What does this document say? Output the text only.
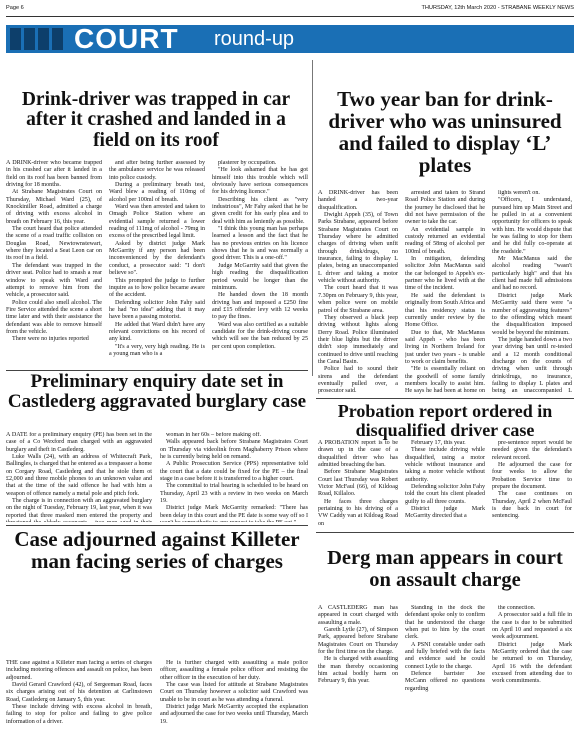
Page 6	THURSDAY, 12th March 2020 - STRABANE WEEKLY NEWS
COURT round-up
Drink-driver was trapped in car after it crashed and landed in a field on its roof

A DRINK-driver who became trapped in his crashed car after it landed in a field on its roof has been banned from driving for 18 months.

At Strabane Magistrates Court on Thursday, Michael Ward (25), of Knockiniller Road, admitted a charge of driving with excess alcohol in breath on February 16, this year.

The court heard that police attended the scene of a road traffic collision on Douglas Road, Newtownstewart, where they located a Seat Leon car on its roof in a field.

The defendant was trapped in the driver seat. Police had to smash a rear window to speak with Ward and attempt to remove him from the vehicle, a prosecutor said.

Police could also smell alcohol. The Fire Service attended the scene a short time later and with their assistance the defendant was able to remove himself from the vehicle.

There were no injuries reported

and after being further assessed by the ambulance service he was released into police custody.

During a preliminary breath test, Ward blew a reading of 110mg of alcohol per 100ml of breath.

Ward was then arrested and taken to Omagh Police Station where an evidential sample returned a lower reading of 111mg of alcohol - 79mg in excess of the prescribed legal limit.

Asked by district judge Mark McGarrity if any person had been inconvenienced by the defendant's conduct, a prosecutor said: "I don't believe so".

This prompted the judge to further inquire as to how police became aware of the accident.

Defending solicitor John Fahy said he had "no idea" adding that it may have been a passing motorist.

He added that Ward didn't have any relevant convictions on his record of any kind.

"It's a very, very high reading. He is a young man who is a

plasterer by occupation.

"He look ashamed that he has got himself into this trouble which will obviously have serious consequences for his driving licence."

Describing his client as "very industrious", Mr Fahy asked that he be given credit for his early plea and to deal with him as leniently as possible.

"I think this young man has perhaps learned a lesson and the fact that he has no previous entries on his licence shows that he is and was normally a good driver. This is a one-off."

Judge McGarrity said that given the high reading the disqualification period would be longer than the minimum.

He handed down the 18 month driving ban and imposed a £250 fine and £15 offender levy with 12 weeks to pay the fines.

Ward was also certified as a suitable candidate for the drink-driving course which will see the ban reduced by 25 per cent upon completion.

Two year ban for drink-driver who was uninsured and failed to display ‘L’ plates

A DRINK-driver has been handed a two-year disqualification.

Dwight Appeh (35), of Town Parks Strabane, appeared before Strabane Magistrates Court on Thursday where he admitted charges of driving when unfit through drink/drugs, no insurance, failing to display L plates, being an unaccompanied L driver and taking a motor vehicle without authority.

The court heard that it was 7.30pm on February 9, this year, when police were on mobile patrol of the Strabane area.

They observed a black jeep driving without lights along Derry Road. Police illuminated their blue lights but the driver didn't stop immediately and continued to drive until reaching the Canal Basin.

Police had to sound their sirens and the defendant eventually pulled over, a prosecutor said.

arrested and taken to Strand Road Police Station and during the journey he disclosed that he did not have permission of the owner to take the car.

An evidential sample in custody returned an evidential reading of 58mg of alcohol per 100ml of breath.

In mitigation, defending solicitor John MacManus said the car belonged to Appeh's ex-partner who he lived with at the time of the incident.

He said the defendant is originally from South Africa and that his residency status is currently under review by the Home Office.

Due to that, Mr MacManus said Appeh - who has been living in Northern Ireland for just under two years - is unable to work or claim benefits.

"He is essentially reliant on the goodwill of some family members locally to assist him. He says he had been at home on

lights weren't on.

"Officers, I understand, pursued him up Main Street and he pulled in at a convenient opportunity for officers to speak with him. He would dispute that he was failing to stop for them and he did fully co-operate at the roadside."

Mr MacManus said the alcohol reading "wasn't particularly high" and that his client had made full admissions and had no record.

District judge Mark McGarrity said there were "a number of aggravating features" to the offending which meant the disqualification imposed would be beyond the minimum.

The judge handed down a two year driving ban until re-tested and a 12 month conditional discharge on the counts of driving when unfit through drink/drugs, no insurance, failing to display L plates and being an unaccompanied L

Preliminary enquiry date set in Castlederg aggravated burglary case

A DATE for a preliminary enquiry (PE) has been set in the case of a Co Wexford man charged with an aggravated burglary and theft in Castlederg.

Luke Walls (24), with an address of Whitecraft Park, Ballingles, is charged that he entered as a trespasser a home on Corgary Road, Castlederg and that he stole them ot £2,000 and three mobile phones to an unknown value and that at the time of the said offence he had with him a weapon of offence namely a metal pole and pitch fork.

The charge is in connection with an aggravated burglary on the night of Tuesday, February 19, last year, when it was reported that three masked men entered the property and

woman in her 60s – before making off.

Walls appeared back before Strabane Magistrates Court on Thursday via videolink from Maghaberry Prison where he is currently being held on remand.

A Public Prosecution Service (PPS) representative told the court that a date could be fixed for the PE – the final stage in a case before it is transferred to a higher court.

The committal to trial hearing is scheduled to be heard on Thursday, April 23 with a review in two weeks on March 19.

District judge Mark McGarrity remarked: "There has been delay in this court and the PE date is some way off so I

Probation report ordered in disqualified driver case

A PROBATION report is to be drawn up in the case of a disqualified driver who has admitted breaching the ban.

Before Strabane Magistrates Court last Thursday was Robert Victor McFaul (66), of Kildoag Road, Killaloo.

He faces three charges pertaining to his driving of a VW Caddy van at Kildoag Road on

February 17, this year.

These include driving while disqualified, using a motor vehicle without insurance and taking a motor vehicle without authority.

Defending solicitor John Fahy told the court his client pleaded guilty to all three counts.

District judge Mark McGarrity directed that a

pre-sentence report would be needed given the defendant's relevant record.

He adjourned the case for four weeks to allow the Probation Service time to prepare the document.

The case continues on Thursday, April 2 when McFaul is due back in court for sentencing.

Case adjourned against Killeter man facing series of charges

THE case against a Killeter man facing a series of charges including motoring offences and assault on police, has been adjourned.

David Gerard Crawford (42), of Sergeeman Road, faces six charges arising out of his detention at Carlinstown Road, Castlederg on January 5, this year.

These include driving with excess alcohol in breath, failing to stop for police and failing to give police information of a driver.

He is further charged with assaulting a male police officer, assaulting a female police officer and resisting the other officer in the execution of her duty.

The case was listed for attitude at Strabane Magistrates Court on Thursday however a solicitor said Crawford was unable to be in court as he was attending a funeral.

District judge Mark McGarrity accepted the explanation and adjourned the case for two weeks until Thursday, March 19.

Derg man appears in court on assault charge

A CASTLEDERG man has appeared in court charged with assaulting a male.

Gareth Lytle (27), of Simpson Park, appeared before Strabane Magistrates Court on Thursday for the first time on the charge.

He is charged with assaulting the man thereby occasioning him actual bodily harm on February 9, this year.

Standing in the dock the defendant spoke only to confirm that he understood the charge when put to him by the court clerk.

A PSNI constable under oath and fully briefed with the facts and evidence said he could connect Lytle to the charge.

Defence barrister Joe McCann offered no questions regarding

the connection.

A prosecutor said a full file in the case is due to be submitted on April 10 and requested a six week adjournment.

District judge Mark McGarrity ordered that the case be returned to on Thursday, April 16 with the defendant excused from attending due to work commitments.
